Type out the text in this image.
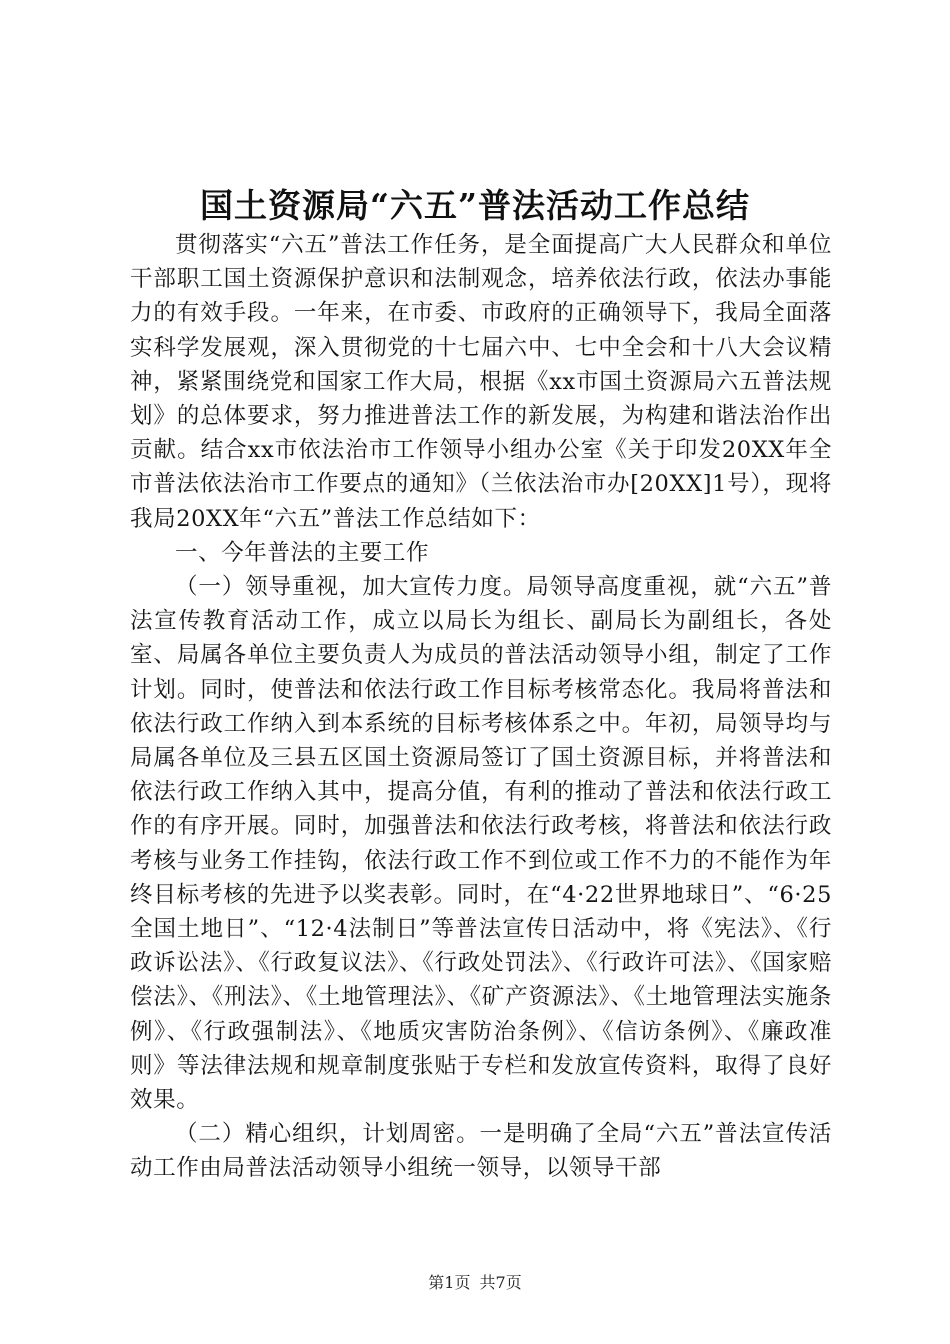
国土资源局“六五”普法活动工作总结

贯彻落实“六五”普法工作任务，是全面提高广大人民群众和单位干部职工国土资源保护意识和法制观念，培养依法行政，依法办事能力的有效手段。一年来，在市委、市政府的正确领导下，我局全面落实科学发展观，深入贯彻党的十七届六中、七中全会和十八大会议精神，紧紧围绕党和国家工作大局，根据《xx市国土资源局六五普法规划》的总体要求，努力推进普法工作的新发展，为构建和谐法治作出贡献。结合xx市依法治市工作领导小组办公室《关于印发20XX年全市普法依法治市工作要点的通知》（兰依法治市办[20XX]1号），现将我局20XX年“六五”普法工作总结如下：

一、今年普法的主要工作

（一）领导重视，加大宣传力度。局领导高度重视，就“六五”普法宣传教育活动工作，成立以局长为组长、副局长为副组长，各处室、局属各单位主要负责人为成员的普法活动领导小组，制定了工作计划。同时，使普法和依法行政工作目标考核常态化。我局将普法和依法行政工作纳入到本系统的目标考核体系之中。年初，局领导均与局属各单位及三县五区国土资源局签订了国土资源目标，并将普法和依法行政工作纳入其中，提高分值，有利的推动了普法和依法行政工作的有序开展。同时，加强普法和依法行政考核，将普法和依法行政考核与业务工作挂钩，依法行政工作不到位或工作不力的不能作为年终目标考核的先进予以奖表彰。同时，在“4·22世界地球日”、“6·25全国土地日”、“12·4法制日”等普法宣传日活动中，将《宪法》、《行政诉讼法》、《行政复议法》、《行政处罚法》、《行政许可法》、《国家赔偿法》、《刑法》、《土地管理法》、《矿产资源法》、《土地管理法实施条例》、《行政强制法》、《地质灾害防治条例》、《信访条例》、《廉政准则》等法律法规和规章制度张贴于专栏和发放宣传资料，取得了良好效果。

（二）精心组织，计划周密。一是明确了全局“六五”普法宣传活动工作由局普法活动领导小组统一领导，以领导干部

第1页 共7页
